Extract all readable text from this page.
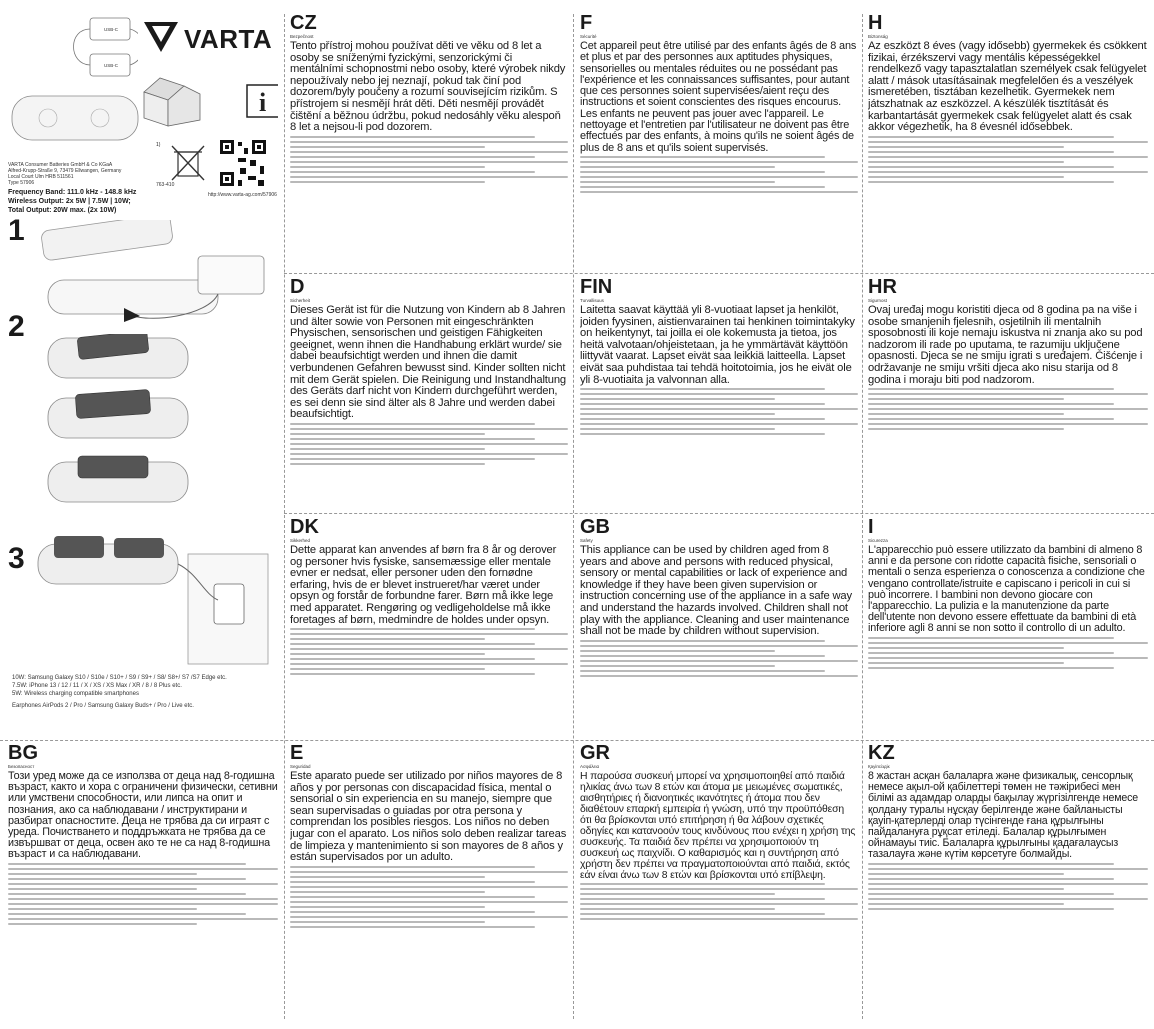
USB-C
USB-C
VARTA
i
1)
763-410
http://www.varta-ag.com/57906
VARTA Consumer Batteries GmbH & Co KGaA
Alfred-Krupp-Straße 9, 73479 Ellwangen, Germany
Local Court Ulm HRB 511561
Type 57906
Frequency Band: 111.0 kHz - 148.8 kHz
Wireless Output: 2x 5W | 7.5W | 10W;
Total Output: 20W max. (2x 10W)
1
3
2
10W: Samsung Galaxy S10 / S10e / S10+ / S9 / S9+ / S8/ S8+/ S7 /S7 Edge etc.
7.5W: iPhone 13 / 12 / 11 / X / XS / XS Max / XR / 8 / 8 Plus etc.
5W: Wireless charging compatible smartphones
Earphones AirPods 2 / Pro / Samsung Galaxy Buds+ / Pro / Live etc.
BG
Безопасност
Този уред може да се използва от деца над 8-годишна възраст, както и хора с ограничени физически, сетивни или умствени способности, или липса на опит и познания, ако са наблюдавани / инструктирани и разбират опасностите. Деца не трябва да си играят с уреда. Почистването и поддръжката не трябва да се извършват от деца, освен ако те не са над 8-годишна възраст и са наблюдавани.
CZ
Bezpečnost
Tento přístroj mohou používat děti ve věku od 8 let a osoby se sníženými fyzickými, senzorickými či mentálními schopnostmi nebo osoby, které výrobek nikdy nepoužívaly nebo jej neznají, pokud tak činí pod dozorem/byly poučeny a rozumí souvisejícím rizikům. S přístrojem si nesmějí hrát děti. Děti nesmějí provádět čištění a běžnou údržbu, pokud nedosáhly věku alespoň 8 let a nejsou-li pod dozorem.
D
Sicherheit
Dieses Gerät ist für die Nutzung von Kindern ab 8 Jahren und älter sowie von Personen mit eingeschränkten Physischen, sensorischen und geistigen Fähigkeiten geeignet, wenn ihnen die Handhabung erklärt wurde/ sie dabei beaufsichtigt werden und ihnen die damit verbundenen Gefahren bewusst sind. Kinder sollten nicht mit dem Gerät spielen. Die Reinigung und Instandhaltung des Geräts darf nicht von Kindern durchgeführt werden, es sei denn sie sind älter als 8 Jahre und werden dabei beaufsichtigt.
DK
Sikkerhed
Dette apparat kan anvendes af børn fra 8 år og derover og personer hvis fysiske, sansemæssige eller mentale evner er nedsat, eller personer uden den fornødne erfaring, hvis de er blevet instrueret/har været under opsyn og forstår de forbundne farer. Børn må ikke lege med apparatet. Rengøring og vedligeholdelse må ikke foretages af børn, medmindre de holdes under opsyn.
E
Seguridad
Este aparato puede ser utilizado por niños mayores de 8 años y por personas con discapacidad física, mental o sensorial o sin experiencia en su manejo, siempre que sean supervisadas o guiadas por otra persona y comprendan los posibles riesgos. Los niños no deben jugar con el aparato. Los niños solo deben realizar tareas de limpieza y mantenimiento si son mayores de 8 años y están supervisados por un adulto.
F
Sécurité
Cet appareil peut être utilisé par des enfants âgés de 8 ans et plus et par des personnes aux aptitudes physiques, sensorielles ou mentales réduites ou ne possédant pas l'expérience et les connaissances suffisantes, pour autant que ces personnes soient supervisées/aient reçu des instructions et soient conscientes des risques encourus. Les enfants ne peuvent pas jouer avec l'appareil. Le nettoyage et l'entretien par l'utilisateur ne doivent pas être effectués par des enfants, à moins qu'ils ne soient âgés de plus de 8 ans et qu'ils soient supervisés.
FIN
Turvallisuus
Laitetta saavat käyttää yli 8-vuotiaat lapset ja henkilöt, joiden fyysinen, aistienvarainen tai henkinen toimintakyky on heikentynyt, tai joilla ei ole kokemusta ja tietoa, jos heitä valvotaan/ohjeistetaan, ja he ymmärtävät käyttöön liittyvät vaarat. Lapset eivät saa leikkiä laitteella. Lapset eivät saa puhdistaa tai tehdä hoitotoimia, jos he eivät ole yli 8-vuotiaita ja valvonnan alla.
GB
Safety
This appliance can be used by children aged from 8 years and above and persons with reduced physical, sensory or mental capabilities or lack of experience and knowledge if they have been given supervision or instruction concerning use of the appliance in a safe way and understand the hazards involved. Children shall not play with the appliance. Cleaning and user maintenance shall not be made by children without supervision.
GR
Ασφάλεια
Η παρούσα συσκευή μπορεί να χρησιμοποιηθεί από παιδιά ηλικίας άνω των 8 ετών και άτομα με μειωμένες σωματικές, αισθητήριες ή διανοητικές ικανότητες ή άτομα που δεν διαθέτουν επαρκή εμπειρία ή γνώση, υπό την προϋπόθεση ότι θα βρίσκονται υπό επιτήρηση ή θα λάβουν σχετικές οδηγίες και κατανοούν τους κινδύνους που ενέχει η χρήση της συσκευής. Τα παιδιά δεν πρέπει να χρησιμοποιούν τη συσκευή ως παιχνίδι. Ο καθαρισμός και η συντήρηση από χρήστη δεν πρέπει να πραγματοποιούνται από παιδιά, εκτός εάν είναι άνω των 8 ετών και βρίσκονται υπό επίβλεψη.
H
Biztonság
Az eszközt 8 éves (vagy idősebb) gyermekek és csökkent fizikai, érzékszervi vagy mentális képességekkel rendelkező vagy tapasztalatlan személyek csak felügyelet alatt / mások utasításainak megfelelően és a veszélyek ismeretében, tisztában kezelhetik. Gyermekek nem játszhatnak az eszközzel. A készülék tisztítását és karbantartását gyermekek csak felügyelet alatt és csak akkor végezhetik, ha 8 évesnél idősebbek.
HR
Sigurnost
Ovaj uređaj mogu koristiti djeca od 8 godina pa na više i osobe smanjenih fjelesnih, osjetilnih ili mentalnih sposobnosti ili koje nemaju iskustva ni znanja ako su pod nadzorom ili rade po uputama, te razumiju uključene opasnosti. Djeca se ne smiju igrati s uređajem. Čišćenje i održavanje ne smiju vršiti djeca ako nisu starija od 8 godina i moraju biti pod nadzorom.
I
Sicurezza
L'apparecchio può essere utilizzato da bambini di almeno 8 anni e da persone con ridotte capacità fisiche, sensoriali o mentali o senza esperienza o conoscenza a condizione che vengano controllate/istruite e capiscano i pericoli in cui si può incorrere. I bambini non devono giocare con l'apparecchio. La pulizia e la manutenzione da parte dell'utente non devono essere effettuate da bambini di età inferiore agli 8 anni se non sotto il controllo di un adulto.
KZ
Қауіпсіздік
8 жастан асқан балаларға және физикалық, сенсорлық немесе ақыл-ой қабілеттері төмен не тәжірибесі мен білімі аз адамдар оларды бақылау жүргізілгенде немесе қолдану туралы нұсқау берілгенде және байланысты қауіп-қатерлерді олар түсінгенде ғана құрылғыны пайдалануға рұқсат етіледі. Балалар құрылғымен ойнамауы тиіс. Балаларға құрылғыны қадағалаусыз тазалауға және күтім көрсетуге болмайды.
